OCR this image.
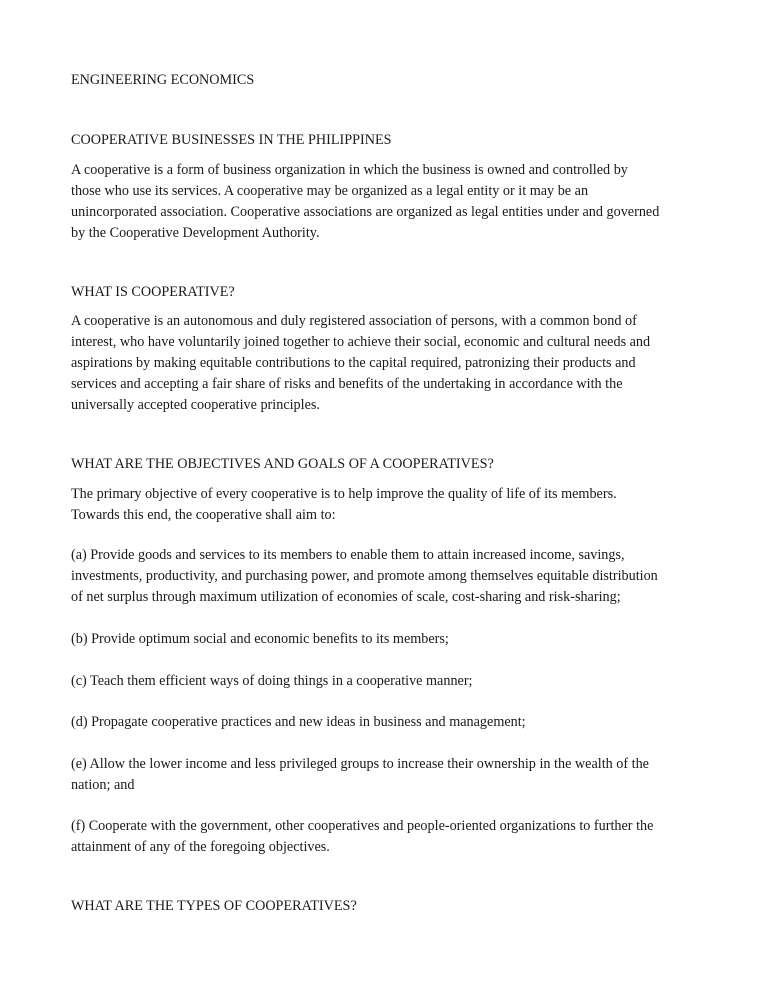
ENGINEERING ECONOMICS

COOPERATIVE BUSINESSES IN THE PHILIPPINES

A cooperative is a form of business organization in which the business is owned and controlled by

those who use its services. A cooperative may be organized as a legal entity or it may be an

unincorporated association. Cooperative associations are organized as legal entities under and governed

by the Cooperative Development Authority.

WHAT IS COOPERATIVE?

A cooperative is an autonomous and duly registered association of persons, with a common bond of

interest, who have voluntarily joined together to achieve their social, economic and cultural needs and

aspirations by making equitable contributions to the capital required, patronizing their products and

services and accepting a fair share of risks and benefits of the undertaking in accordance with the

universally accepted cooperative principles.

WHAT ARE THE OBJECTIVES AND GOALS OF A COOPERATIVES?

The primary objective of every cooperative is to help improve the quality of life of its members.

Towards this end, the cooperative shall aim to:

(a) Provide goods and services to its members to enable them to attain increased income, savings,

investments, productivity, and purchasing power, and promote among themselves equitable distribution

of net surplus through maximum utilization of economies of scale, cost-sharing and risk-sharing;

(b) Provide optimum social and economic benefits to its members;

(c) Teach them efficient ways of doing things in a cooperative manner;

(d) Propagate cooperative practices and new ideas in business and management;

(e) Allow the lower income and less privileged groups to increase their ownership in the wealth of the

nation; and

(f) Cooperate with the government, other cooperatives and people-oriented organizations to further the

attainment of any of the foregoing objectives.

WHAT ARE THE TYPES OF COOPERATIVES?
